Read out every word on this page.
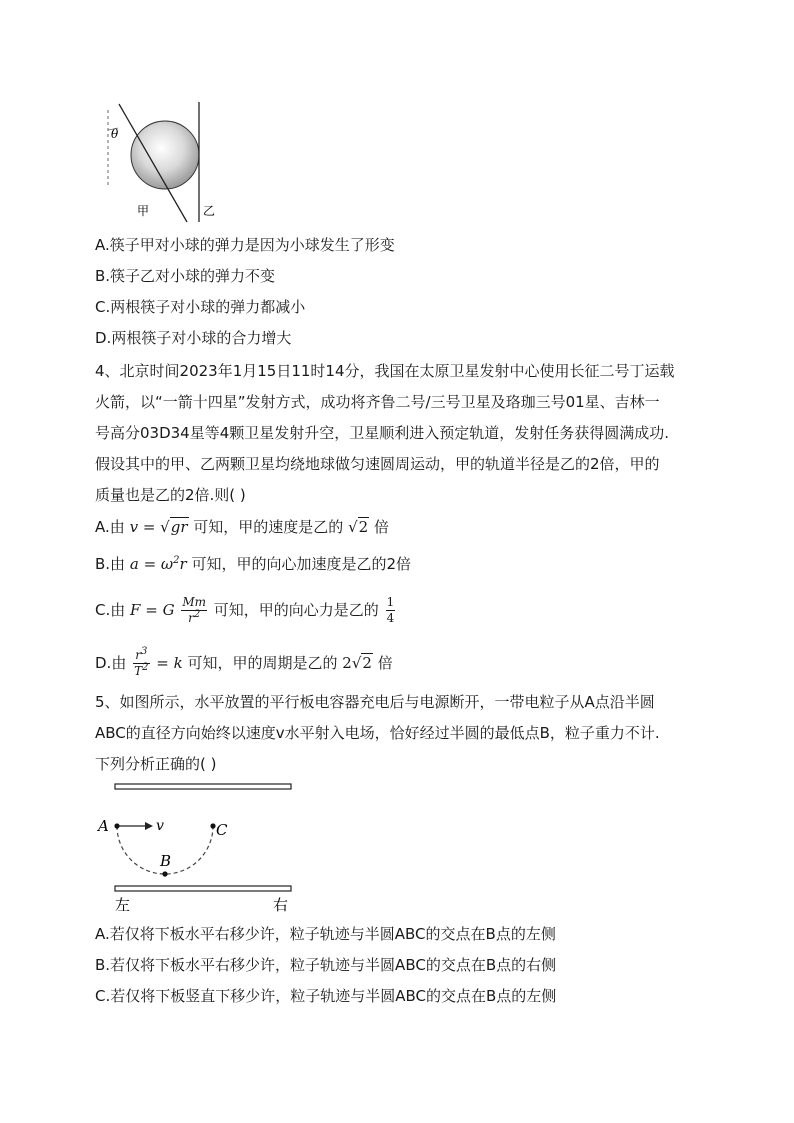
θ
甲	乙
A.筷子甲对小球的弹力是因为小球发生了形变
B.筷子乙对小球的弹力不变
C.两根筷子对小球的弹力都减小
D.两根筷子对小球的合力增大
4、北京时间2023年1月15日11时14分，我国在太原卫星发射中心使用长征二号丁运载
火箭，以“一箭十四星”发射方式，成功将齐鲁二号/三号卫星及珞珈三号01星、吉林一
号高分03D34星等4颗卫星发射升空，卫星顺利进入预定轨道，发射任务获得圆满成功.
假设其中的甲、乙两颗卫星均绕地球做匀速圆周运动，甲的轨道半径是乙的2倍，甲的
质量也是乙的2倍.则( )
A.由 v = √gr 可知，甲的速度是乙的 √2 倍
B.由 $a = \omega^2r$ 可知，甲的向心加速度是乙的2倍
C.由 F = G $\frac{Mm}{r^2}$ 可知，甲的向心力是乙的 $\frac{1}{4}$
D.由 $\frac{r^3}{T^2} = k$ 可知，甲的周期是乙的 2√2 倍
5、如图所示，水平放置的平行板电容器充电后与电源断开，一带电粒子从A点沿半圆
ABC的直径方向始终以速度v水平射入电场，恰好经过半圆的最低点B，粒子重力不计.
下列分析正确的( )
A	v	C
B
左	右
A.若仅将下板水平右移少许，粒子轨迹与半圆ABC的交点在B点的左侧
B.若仅将下板水平右移少许，粒子轨迹与半圆ABC的交点在B点的右侧
C.若仅将下板竖直下移少许，粒子轨迹与半圆ABC的交点在B点的左侧
